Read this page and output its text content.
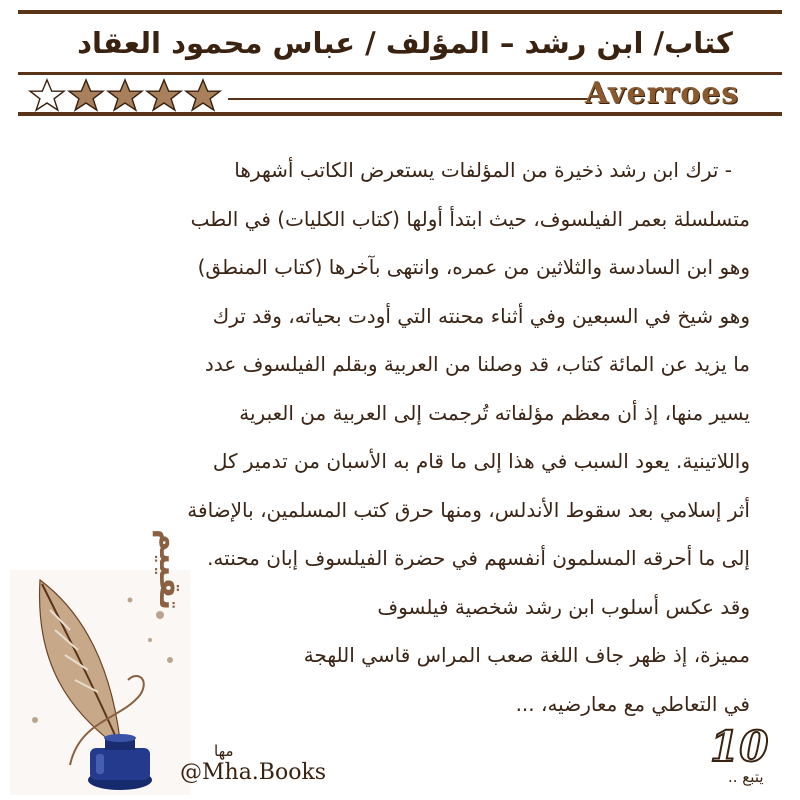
كتاب/ ابن رشد – المؤلف / عباس محمود العقاد
Averroes
- ترك ابن رشد ذخيرة من المؤلفات يستعرض الكاتب أشهرها
متسلسلة بعمر الفيلسوف، حيث ابتدأ أولها (كتاب الكليات) في الطب
وهو ابن السادسة والثلاثين من عمره، وانتهى بآخرها (كتاب المنطق)
وهو شيخ في السبعين وفي أثناء محنته التي أودت بحياته، وقد ترك
ما يزيد عن المائة كتاب، قد وصلنا من العربية وبقلم الفيلسوف عدد
يسير منها، إذ أن معظم مؤلفاته تُرجمت إلى العربية من العبرية
واللاتينية. يعود السبب في هذا إلى ما قام به الأسبان من تدمير كل
أثر إسلامي بعد سقوط الأندلس، ومنها حرق كتب المسلمين، بالإضافة
إلى ما أحرقه المسلمون أنفسهم في حضرة الفيلسوف إبان محنته.
وقد عكس أسلوب ابن رشد شخصية فيلسوف
مميزة، إذ ظهر جاف اللغة صعب المراس قاسي اللهجة
في التعاطي مع معارضيه، ...
تقييم
مها
@Mha.Books
10
يتبع ..
